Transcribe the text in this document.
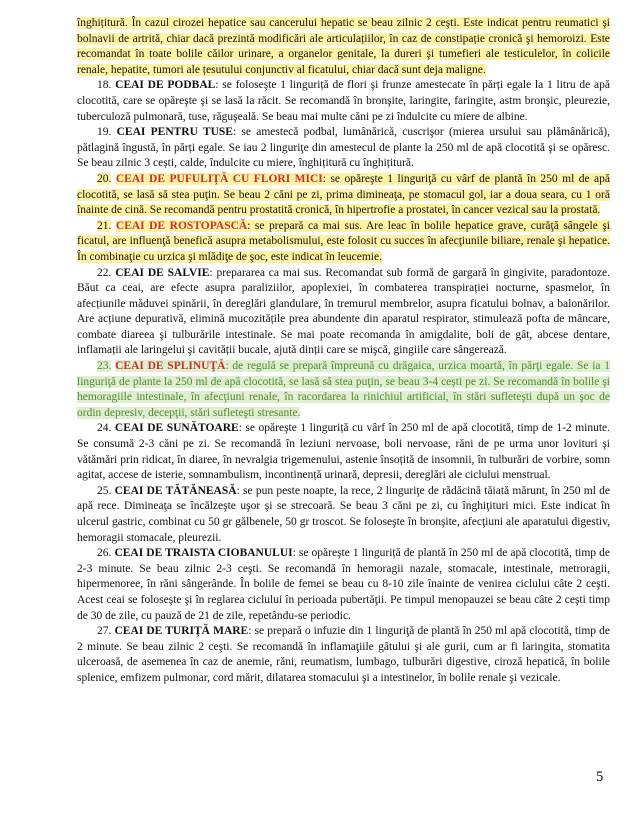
înghițitură. În cazul cirozei hepatice sau cancerului hepatic se beau zilnic 2 ceşti. Este indicat pentru reumatici şi bolnavii de artrită, chiar dacă prezintă modificări ale articulațiilor, în caz de constipație cronică şi hemoroizi. Este recomandat în toate bolile căilor urinare, a organelor genitale, la dureri şi tumefieri ale testiculelor, în colicile renale, hepatite, tumori ale țesutului conjunctiv al ficatului, chiar dacă sunt deja maligne.

18. CEAI DE PODBAL: se foloseşte 1 linguriță de flori şi frunze amestecate în părți egale la 1 litru de apă clocotită, care se opăreşte şi se lasă la răcit. Se recomandă în bronşite, laringite, faringite, astm bronşic, pleurezie, tuberculoză pulmonară, tuse, răguşeală. Se beau mai multe căni pe zi îndulcite cu miere de albine.

19. CEAI PENTRU TUSE: se amestecă podbal, lumânărică, cuscrişor (mierea ursului sau plămânărică), pătlagină îngustă, în părți egale. Se iau 2 linguriţe din amestecul de plante la 250 ml de apă clocotită şi se opăresc. Se beau zilnic 3 cești, calde, îndulcite cu miere, înghițitură cu înghițitură.

20. CEAI DE PUFULIŢĂ CU FLORI MICI: se opăreşte 1 linguriţă cu vârf de plantă în 250 ml de apă clocotită, se lasă să stea puţin. Se beau 2 căni pe zi, prima dimineaţa, pe stomacul gol, iar a doua seara, cu 1 oră înainte de cină. Se recomandă pentru prostatită cronică, în hipertrofie a prostatei, în cancer vezical sau la prostată.

21. CEAI DE ROSTOPASCĂ: se prepară ca mai sus. Are leac în bolile hepatice grave, curăţă sângele şi ficatul, are influenţă benefică asupra metabolismului, este folosit cu succes în afecţiunile biliare, renale şi hepatice. În combinaţie cu urzica şi mlădiţe de şoc, este indicat în leucemie.

22. CEAI DE SALVIE: prepararea ca mai sus. Recomandat sub formă de gargară în gingivite, paradontoze. Băut ca ceai, are efecte asupra paraliziilor, apoplexiei, în combaterea transpirației nocturne, spasmelor, în afecțiunile măduvei spinării, în dereglări glandulare, în tremurul membrelor, asupra ficatului bolnav, a balonărilor. Are acțiune depurativă, elimină mucozitățile prea abundente din aparatul respirator, stimulează pofta de mâncare, combate diareea şi tulburările intestinale. Se mai poate recomanda în amigdalite, boli de gât, abcese dentare, inflamații ale laringelui şi cavității bucale, ajută dinții care se mişcă, gingiile care sângerează.

23. CEAI DE SPLINUŢĂ: de regulă se prepară împreună cu drăgaica, urzica moartă, în părţi egale. Se ia 1 linguriţă de plante la 250 ml de apă clocotită, se lasă să stea puţin, se beau 3-4 cești pe zi. Se recomandă în bolile şi hemoragiile intestinale, în afecţiuni renale, în racordarea la rinichiul artificial, în stări sufleteşti după un şoc de ordin depresiv, decepţii, stări sufleteşti stresante.

24. CEAI DE SUNĂTOARE: se opăreşte 1 linguriță cu vârf în 250 ml de apă clocotită, timp de 1-2 minute. Se consumă 2-3 căni pe zi. Se recomandă în leziuni nervoase, boli nervoase, răni de pe urma unor lovituri şi vătămări prin ridicat, în diaree, în nevralgia trigemenului, astenie însoțită de insomnii, în tulburări de vorbire, somn agitat, accese de isterie, somnambulism, incontinență urinară, depresii, dereglări ale ciclului menstrual.

25. CEAI DE TĂTĂNEASĂ: se pun peste noapte, la rece, 2 linguriţe de rădăcină tăiată mărunt, în 250 ml de apă rece. Dimineaţa se încălzeşte uşor şi se strecoară. Se beau 3 căni pe zi, cu înghiţituri mici. Este indicat în ulcerul gastric, combinat cu 50 gr gălbenele, 50 gr troscot. Se foloseşte în bronşite, afecţiuni ale aparatului digestiv, hemoragii stomacale, pleurezii.

26. CEAI DE TRAISTA CIOBANULUI: se opăreşte 1 linguriță de plantă în 250 ml de apă clocotită, timp de 2-3 minute. Se beau zilnic 2-3 ceşti. Se recomandă în hemoragii nazale, stomacale, intestinale, metroragii, hipermenoree, în răni sângerânde. În bolile de femei se beau cu 8-10 zile înainte de venirea ciclului câte 2 ceşti. Acest ceai se foloseşte şi în reglarea ciclului în perioada pubertăţii. Pe timpul menopauzei se beau câte 2 ceşti timp de 30 de zile, cu pauză de 21 de zile, repetându-se periodic.

27. CEAI DE TURIŢĂ MARE: se prepară o infuzie din 1 linguriţă de plantă în 250 ml apă clocotită, timp de 2 minute. Se beau zilnic 2 ceşti. Se recomandă în inflamaţiile gâtului şi ale gurii, cum ar fi laringita, stomatita ulceroasă, de asemenea în caz de anemie, răni, reumatism, lumbago, tulburări digestive, ciroză hepatică, în bolile splenice, emfizem pulmonar, cord mărit, dilatarea stomacului şi a intestinelor, în bolile renale şi vezicale.

5
